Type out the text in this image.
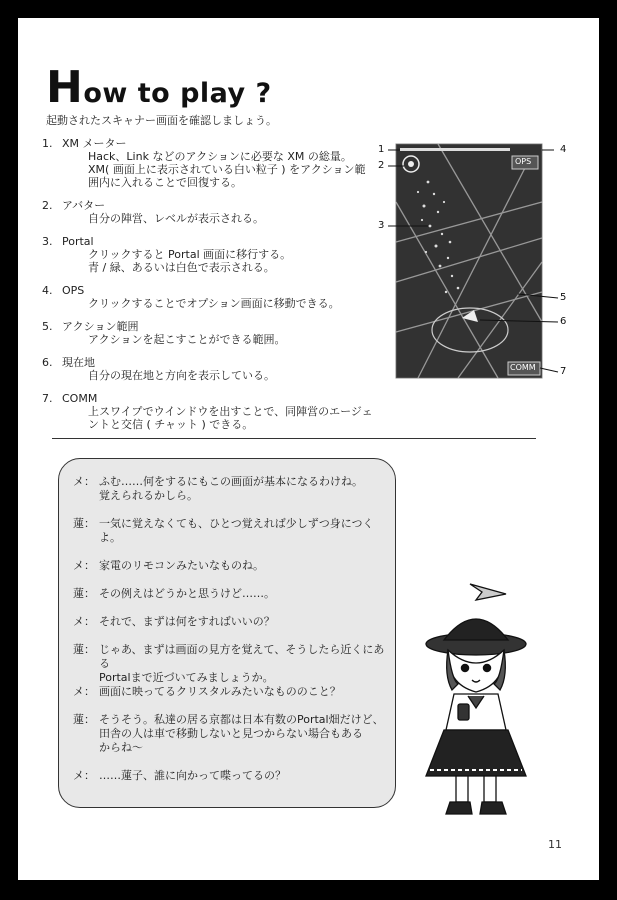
How to play ?
起動されたスキャナー画面を確認しましょう。
1. XM メーター
Hack、Link などのアクションに必要な XM の総量。
XM( 画面上に表示されている白い粒子 ) をアクション範
囲内に入れることで回復する。
2. アバター
自分の陣営、レベルが表示される。
3. Portal
クリックすると Portal 画面に移行する。
青 / 緑、あるいは白色で表示される。
4. OPS
クリックすることでオプション画面に移動できる。
5. アクション範囲
アクションを起こすことができる範囲。
6. 現在地
自分の現在地と方向を表示している。
7. COMM
上スワイプでウインドウを出すことで、同陣営のエージェ
ントと交信 ( チャット ) できる。
1
2
3
4
5
6
7
OPS
COMM
メ： ふむ……何をするにもこの画面が基本になるわけね。
覚えられるかしら。
蓮： 一気に覚えなくても、ひとつ覚えれば少しずつ身につく
よ。
メ： 家電のリモコンみたいなものね。
蓮： その例えはどうかと思うけど……。
メ： それで、まずは何をすればいいの？
蓮： じゃあ、まずは画面の見方を覚えて、そうしたら近くにある
Portalまで近づいてみましょうか。
メ： 画面に映ってるクリスタルみたいなもののこと？
蓮： そうそう。私達の居る京都は日本有数のPortal畑だけど、
田舎の人は車で移動しないと見つからない場合もある
からね～
メ： ……蓮子、誰に向かって喋ってるの？
11
